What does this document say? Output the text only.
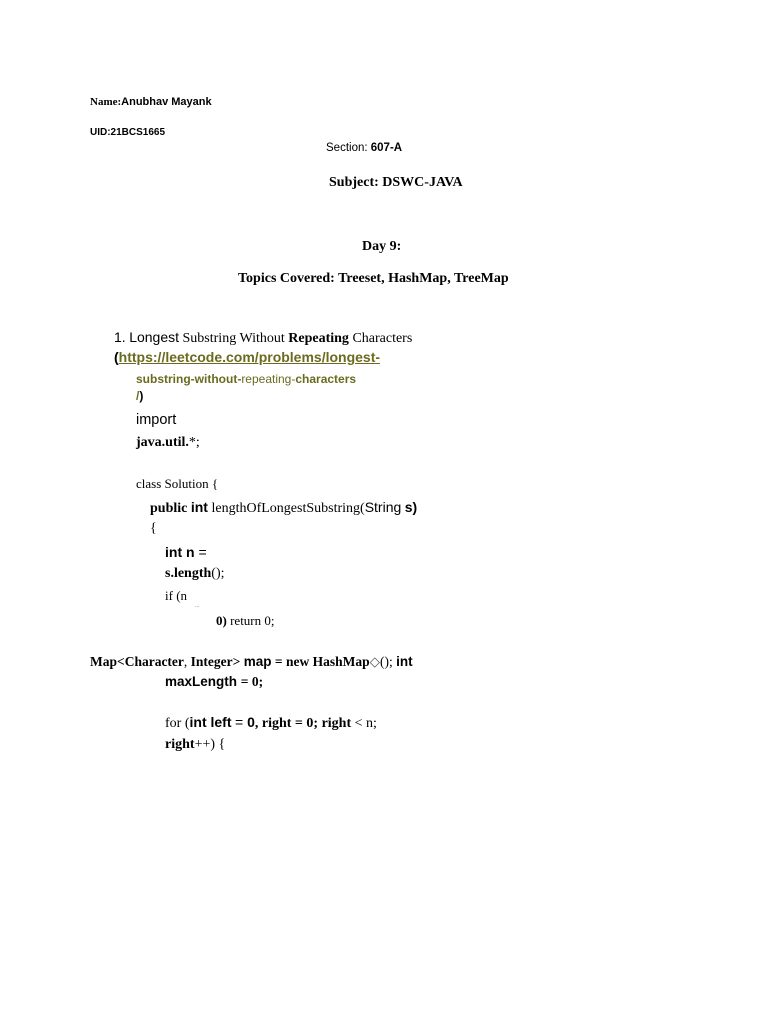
Name:Anubhav Mayank
UID:21BCS1665
Section: 607-A
Subject: DSWC-JAVA
Day 9:
Topics Covered: Treeset, HashMap, TreeMap
1. Longest Substring Without Repeating Characters
(https://leetcode.com/problems/longest-
substring-without-repeating-characters
/)
import
java.util.*;
class Solution {
public int lengthOfLongestSubstring(String s)
{
int n =
s.length();
if (n
...
0) return 0;
Map<Character, Integer> map = new HashMap◇(); int
maxLength = 0;
for (int left = 0, right = 0; right < n;
right++) {
